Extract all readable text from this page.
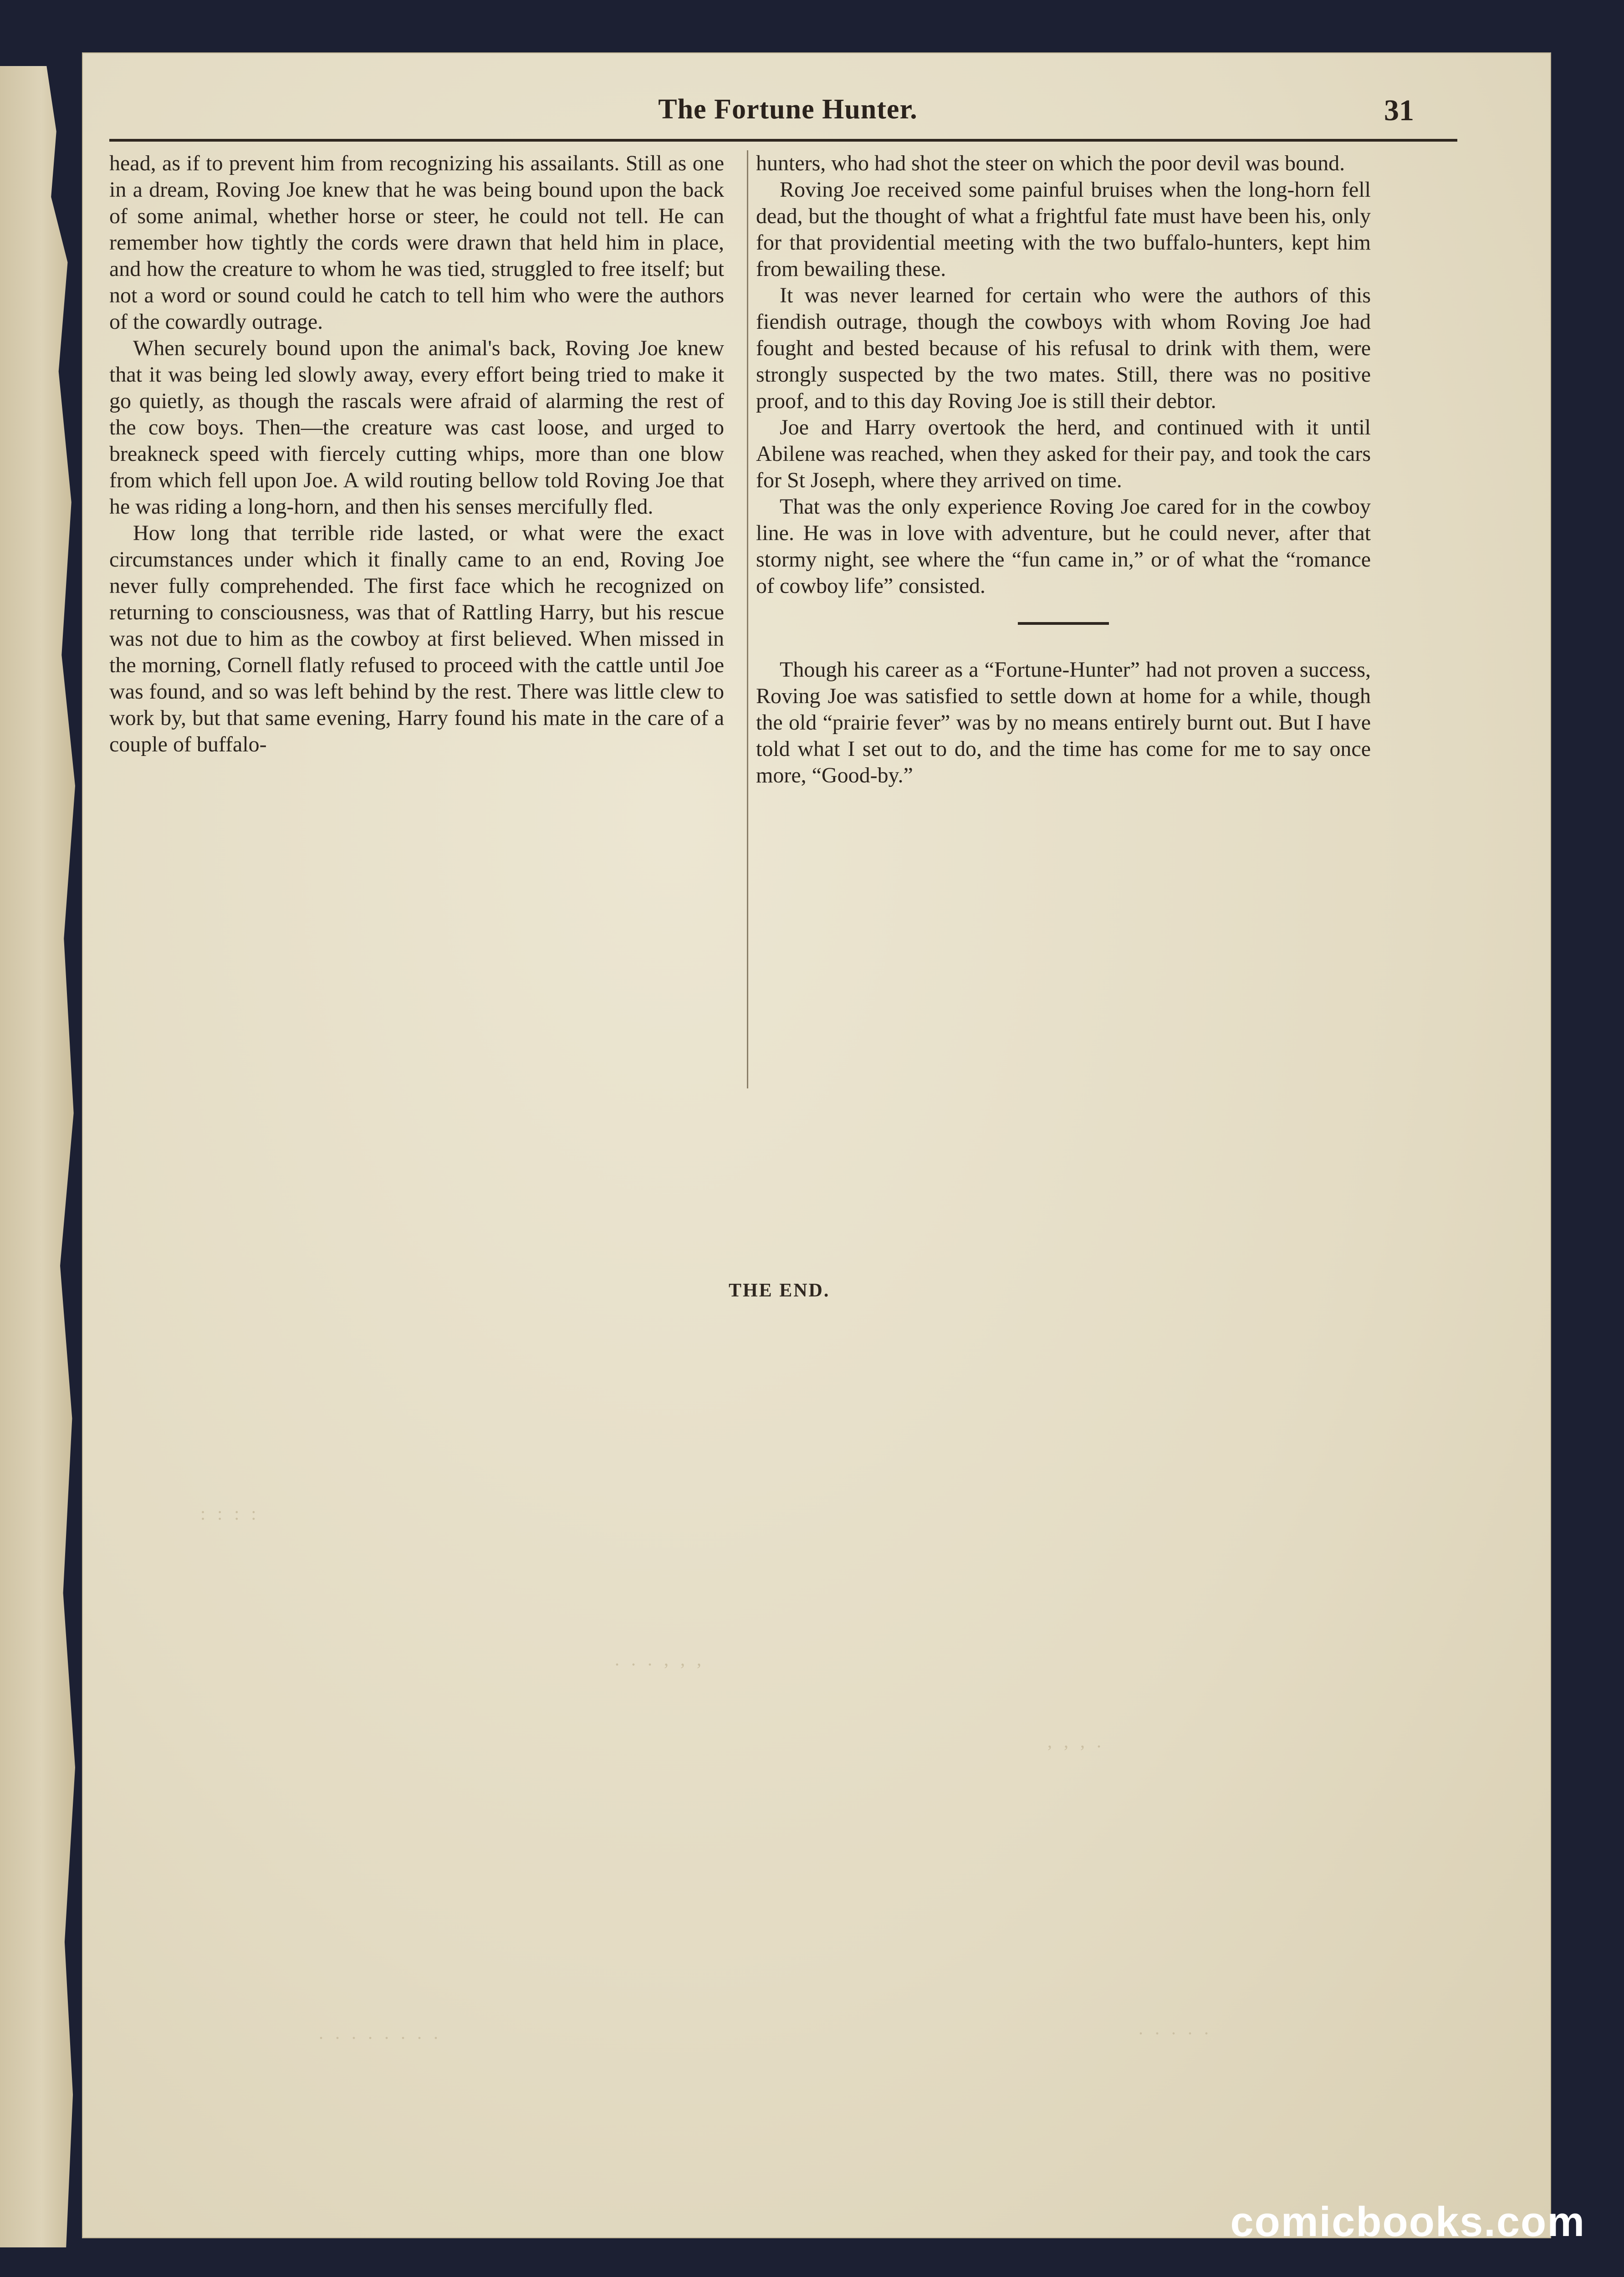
The Fortune Hunter.	31

head, as if to prevent him from recognizing his assailants. Still as one in a dream, Roving Joe knew that he was being bound upon the back of some animal, whether horse or steer, he could not tell. He can remember how tightly the cords were drawn that held him in place, and how the creature to whom he was tied, struggled to free itself; but not a word or sound could he catch to tell him who were the authors of the cowardly outrage.

When securely bound upon the animal's back, Roving Joe knew that it was being led slowly away, every effort being tried to make it go quietly, as though the rascals were afraid of alarming the rest of the cow boys. Then—the creature was cast loose, and urged to breakneck speed with fiercely cutting whips, more than one blow from which fell upon Joe. A wild routing bellow told Roving Joe that he was riding a long-horn, and then his senses mercifully fled.

How long that terrible ride lasted, or what were the exact circumstances under which it finally came to an end, Roving Joe never fully comprehended. The first face which he recognized on returning to consciousness, was that of Rattling Harry, but his rescue was not due to him as the cowboy at first believed. When missed in the morning, Cornell flatly refused to proceed with the cattle until Joe was found, and so was left behind by the rest. There was little clew to work by, but that same evening, Harry found his mate in the care of a couple of buffalo-

hunters, who had shot the steer on which the poor devil was bound.

Roving Joe received some painful bruises when the long-horn fell dead, but the thought of what a frightful fate must have been his, only for that providential meeting with the two buffalo-hunters, kept him from bewailing these.

It was never learned for certain who were the authors of this fiendish outrage, though the cowboys with whom Roving Joe had fought and bested because of his refusal to drink with them, were strongly suspected by the two mates. Still, there was no positive proof, and to this day Roving Joe is still their debtor.

Joe and Harry overtook the herd, and continued with it until Abilene was reached, when they asked for their pay, and took the cars for St Joseph, where they arrived on time.

That was the only experience Roving Joe cared for in the cowboy line. He was in love with adventure, but he could never, after that stormy night, see where the “fun came in,” or of what the “romance of cowboy life” consisted.

Though his career as a “Fortune-Hunter” had not proven a success, Roving Joe was satisfied to settle down at home for a while, though the old “prairie fever” was by no means entirely burnt out. But I have told what I set out to do, and the time has come for me to say once more, “Good-by.”

THE END.
: : : :
. . . , , ,
, , , .
. . . . . . . .	. . . . .
comicbooks.com
